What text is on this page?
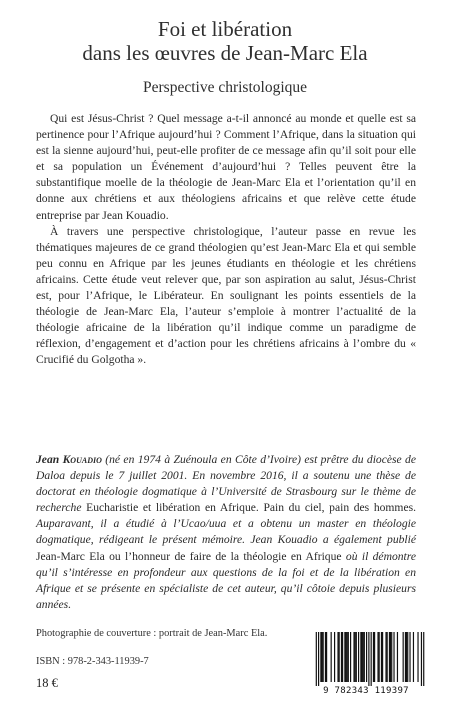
Foi et libération
dans les œuvres de Jean-Marc Ela
Perspective christologique

Qui est Jésus-Christ ? Quel message a-t-il annoncé au monde et quelle est sa pertinence pour l’Afrique aujourd’hui ? Comment l’Afrique, dans la situation qui est la sienne aujourd’hui, peut-elle profiter de ce message afin qu’il soit pour elle et sa population un Événement d’aujourd’hui ? Telles peuvent être la substantifique moelle de la théologie de Jean-Marc Ela et l’orientation qu’il en donne aux chrétiens et aux théologiens africains et que relève cette étude entreprise par Jean Kouadio.

À travers une perspective christologique, l’auteur passe en revue les thématiques majeures de ce grand théologien qu’est Jean-Marc Ela et qui semble peu connu en Afrique par les jeunes étudiants en théologie et les chrétiens africains. Cette étude veut relever que, par son aspiration au salut, Jésus-Christ est, pour l’Afrique, le Libérateur. En soulignant les points essentiels de la théologie de Jean-Marc Ela, l’auteur s’emploie à montrer l’actualité de la théologie africaine de la libération qu’il indique comme un paradigme de réflexion, d’engagement et d’action pour les chrétiens africains à l’ombre du « Crucifié du Golgotha ».

Jean Kouadio (né en 1974 à Zuénoula en Côte d’Ivoire) est prêtre du diocèse de Daloa depuis le 7 juillet 2001. En novembre 2016, il a soutenu une thèse de doctorat en théologie dogmatique à l’Université de Strasbourg sur le thème de recherche Eucharistie et libération en Afrique. Pain du ciel, pain des hommes. Auparavant, il a étudié à l’Ucao/uua et a obtenu un master en théologie dogmatique, rédigeant le présent mémoire. Jean Kouadio a également publié Jean-Marc Ela ou l’honneur de faire de la théologie en Afrique où il démontre qu’il s’intéresse en profondeur aux questions de la foi et de la libération en Afrique et se présente en spécialiste de cet auteur, qu’il côtoie depuis plusieurs années.
Photographie de couverture : portrait de Jean-Marc Ela.
ISBN : 978-2-343-11939-7
18 €
9 782343 119397
